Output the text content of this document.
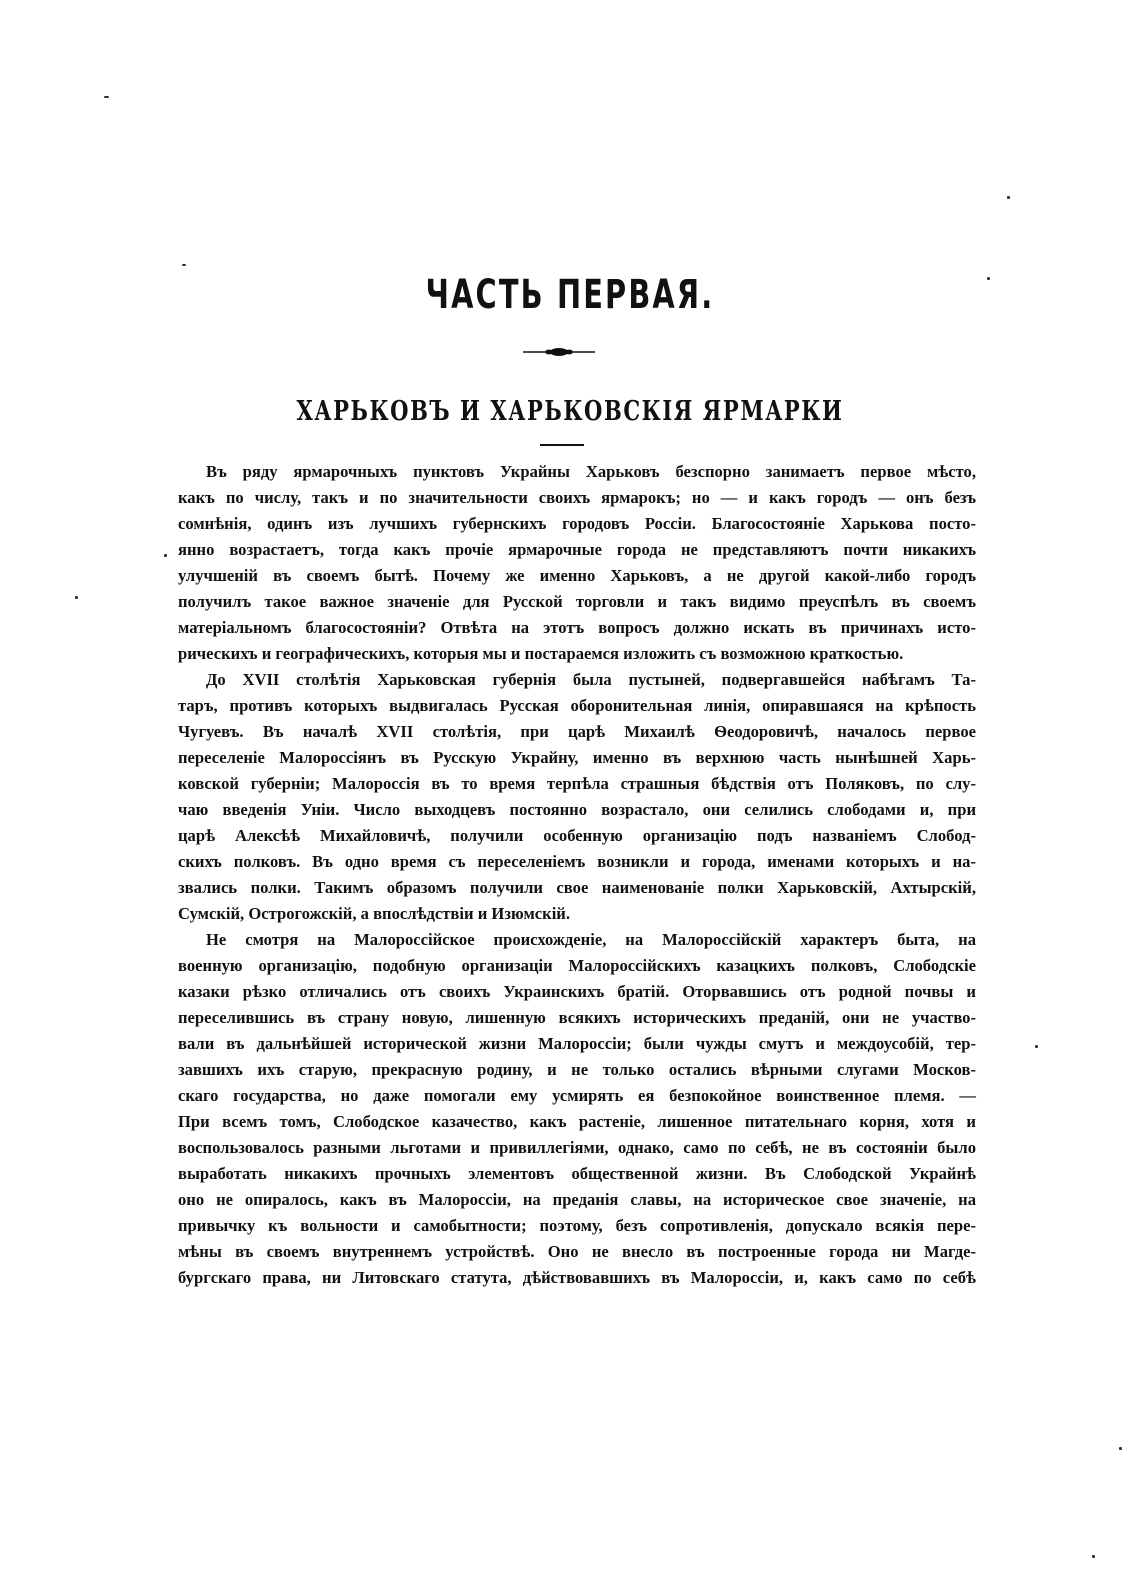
ЧАСТЬ ПЕРВАЯ.
ХАРЬКОВЪ И ХАРЬКОВСКІЯ ЯРМАРКИ
Въ ряду ярмарочныхъ пунктовъ Украйны Харьковъ безспорно занимаетъ первое мѣсто,
какъ по числу, такъ и по значительности своихъ ярмарокъ; но — и какъ городъ — онъ безъ
сомнѣнія, одинъ изъ лучшихъ губернскихъ городовъ Россіи. Благосостояніе Харькова посто-
янно возрастаетъ, тогда какъ прочіе ярмарочные города не представляютъ почти никакихъ
улучшеній въ своемъ бытѣ. Почему же именно Харьковъ, а не другой какой-либо городъ
получилъ такое важное значеніе для Русской торговли и такъ видимо преуспѣлъ въ своемъ
матеріальномъ благосостояніи? Отвѣта на этотъ вопросъ должно искать въ причинахъ исто-
рическихъ и географическихъ, которыя мы и постараемся изложить съ возможною краткостью.
До XVII столѣтія Харьковская губернія была пустыней, подвергавшейся набѣгамъ Та-
таръ, противъ которыхъ выдвигалась Русская оборонительная линія, опиравшаяся на крѣпость
Чугуевъ. Въ началѣ XVII столѣтія, при царѣ Михаилѣ Ѳеодоровичѣ, началось первое
переселеніе Малороссіянъ въ Русскую Украйну, именно въ верхнюю часть нынѣшней Харь-
ковской губерніи; Малороссія въ то время терпѣла страшныя бѣдствія отъ Поляковъ, по слу-
чаю введенія Уніи. Число выходцевъ постоянно возрастало, они селились слободами и, при
царѣ Алексѣѣ Михайловичѣ, получили особенную организацію подъ названіемъ Слобод-
скихъ полковъ. Въ одно время съ переселеніемъ возникли и города, именами которыхъ и на-
звались полки. Такимъ образомъ получили свое наименованіе полки Харьковскій, Ахтырскій,
Сумскій, Острогожскій, а впослѣдствіи и Изюмскій.
Не смотря на Малороссійское происхожденіе, на Малороссійскій характеръ быта, на
военную организацію, подобную организаціи Малороссійскихъ казацкихъ полковъ, Слободскіе
казаки рѣзко отличались отъ своихъ Украинскихъ братій. Оторвавшись отъ родной почвы и
переселившись въ страну новую, лишенную всякихъ историческихъ преданій, они не участво-
вали въ дальнѣйшей исторической жизни Малороссіи; были чужды смутъ и междоусобій, тер-
завшихъ ихъ старую, прекрасную родину, и не только остались вѣрными слугами Москов-
скаго государства, но даже помогали ему усмирять ея безпокойное воинственное племя. —
При всемъ томъ, Слободское казачество, какъ растеніе, лишенное питательнаго корня, хотя и
воспользовалось разными льготами и привиллегіями, однако, само по себѣ, не въ состояніи было
выработать никакихъ прочныхъ элементовъ общественной жизни. Въ Слободской Украйнѣ
оно не опиралось, какъ въ Малороссіи, на преданія славы, на историческое свое значеніе, на
привычку къ вольности и самобытности; поэтому, безъ сопротивленія, допускало всякія пере-
мѣны въ своемъ внутреннемъ устройствѣ. Оно не внесло въ построенные города ни Магде-
бургскаго права, ни Литовскаго статута, дѣйствовавшихъ въ Малороссіи, и, какъ само по себѣ
